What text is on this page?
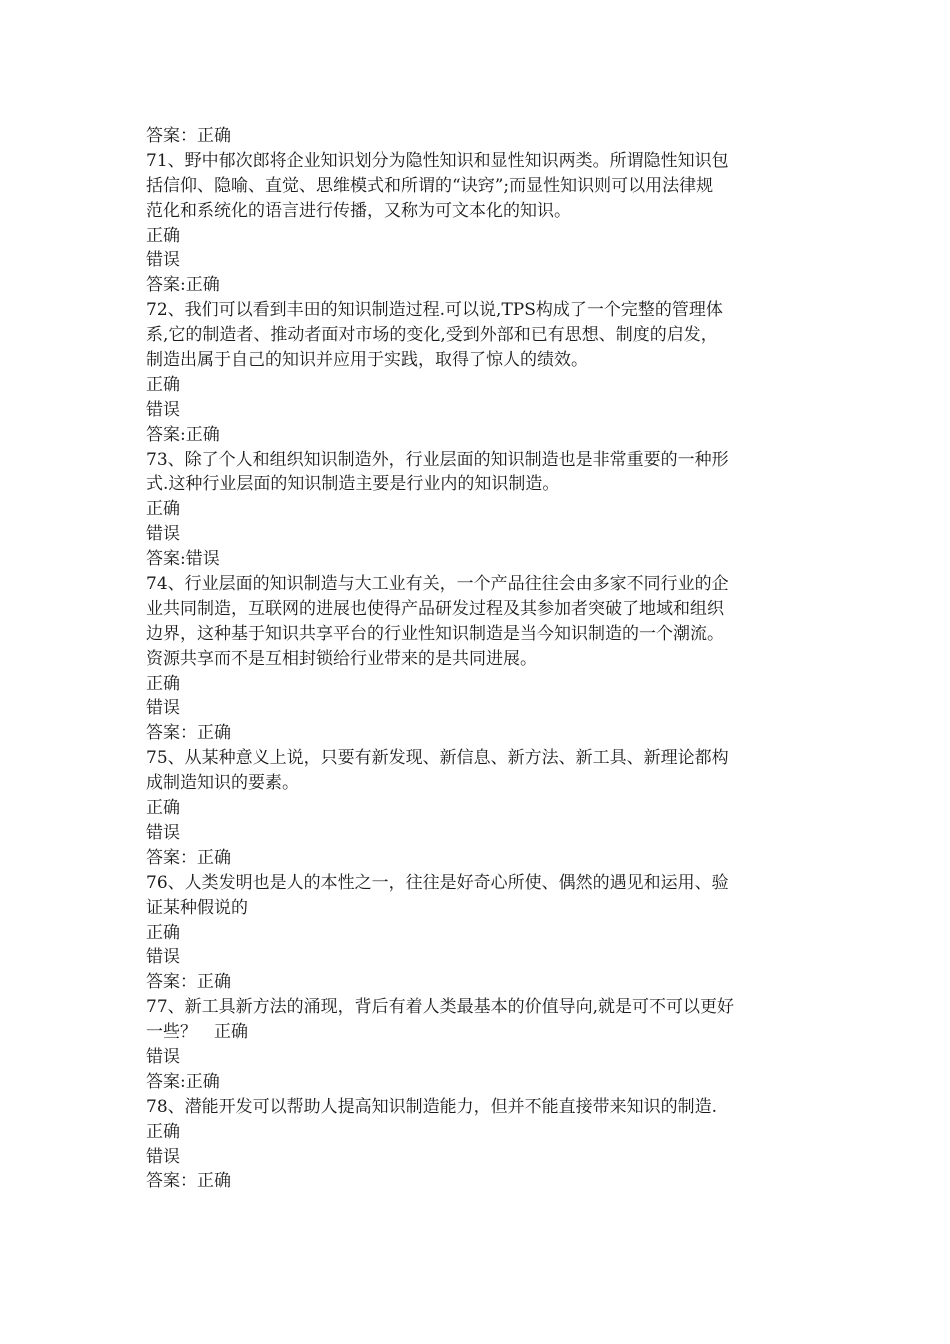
答案：正确
71、野中郁次郎将企业知识划分为隐性知识和显性知识两类。所谓隐性知识包
括信仰、隐喻、直觉、思维模式和所谓的“诀窍”;而显性知识则可以用法律规
范化和系统化的语言进行传播，又称为可文本化的知识。
正确
错误
答案:正确
72、我们可以看到丰田的知识制造过程.可以说,TPS构成了一个完整的管理体
系,它的制造者、推动者面对市场的变化,受到外部和已有思想、制度的启发，
制造出属于自己的知识并应用于实践，取得了惊人的绩效。
正确
错误
答案:正确
73、除了个人和组织知识制造外，行业层面的知识制造也是非常重要的一种形
式.这种行业层面的知识制造主要是行业内的知识制造。
正确
错误
答案:错误
74、行业层面的知识制造与大工业有关，一个产品往往会由多家不同行业的企
业共同制造，互联网的进展也使得产品研发过程及其参加者突破了地域和组织
边界，这种基于知识共享平台的行业性知识制造是当今知识制造的一个潮流。
资源共享而不是互相封锁给行业带来的是共同进展。
正确
错误
答案：正确
75、从某种意义上说，只要有新发现、新信息、新方法、新工具、新理论都构
成制造知识的要素。
正确
错误
答案：正确
76、人类发明也是人的本性之一，往往是好奇心所使、偶然的遇见和运用、验
证某种假说的
正确
错误
答案：正确
77、新工具新方法的涌现，背后有着人类最基本的价值导向,就是可不可以更好
一些？　正确
错误
答案:正确
78、潜能开发可以帮助人提高知识制造能力，但并不能直接带来知识的制造.
正确
错误
答案：正确
